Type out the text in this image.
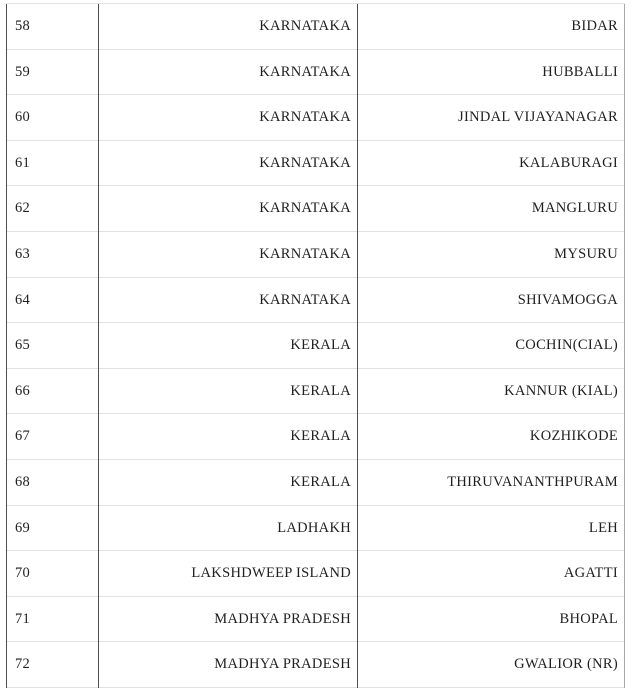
58	KARNATAKA	BIDAR
59	KARNATAKA	HUBBALLI
60	KARNATAKA	JINDAL VIJAYANAGAR
61	KARNATAKA	KALABURAGI
62	KARNATAKA	MANGLURU
63	KARNATAKA	MYSURU
64	KARNATAKA	SHIVAMOGGA
65	KERALA	COCHIN(CIAL)
66	KERALA	KANNUR (KIAL)
67	KERALA	KOZHIKODE
68	KERALA	THIRUVANANTHPURAM
69	LADHAKH	LEH
70	LAKSHDWEEP ISLAND	AGATTI
71	MADHYA PRADESH	BHOPAL
72	MADHYA PRADESH	GWALIOR (NR)
